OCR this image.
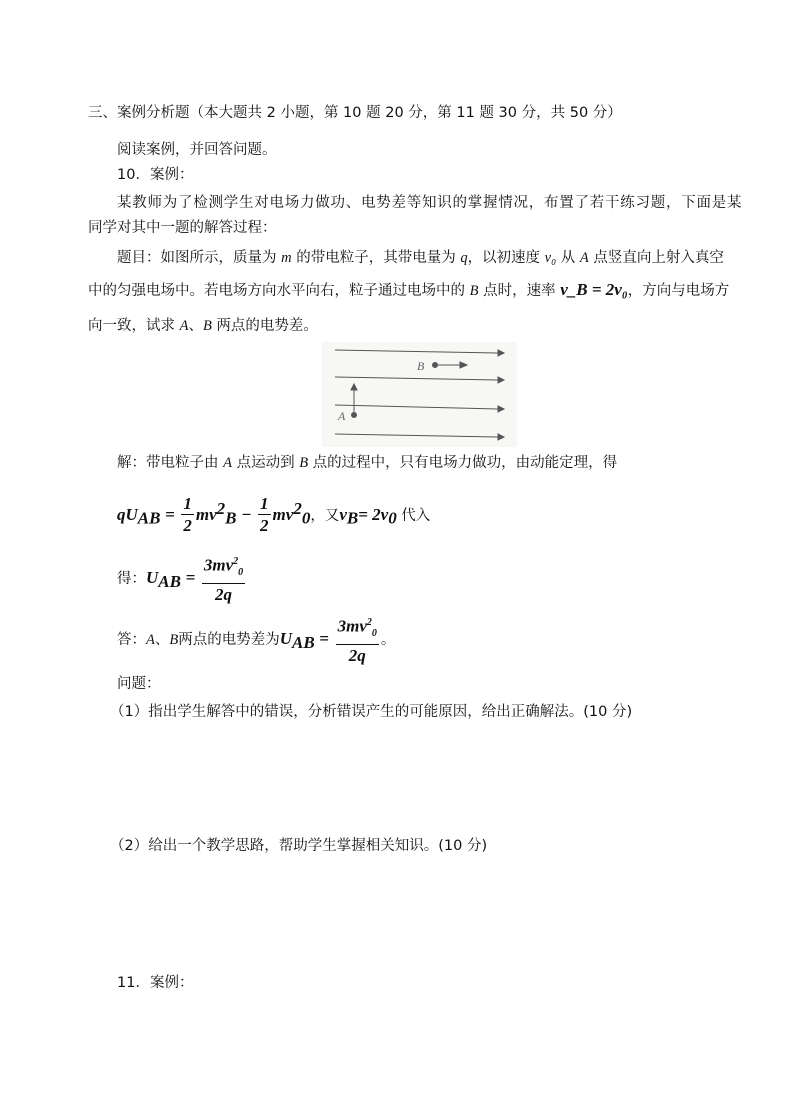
三、案例分析题（本大题共 2 小题，第 10 题 20 分，第 11 题 30 分，共 50 分）
阅读案例，并回答问题。
10．案例：
某教师为了检测学生对电场力做功、电势差等知识的掌握情况，布置了若干练习题，下面是某
同学对其中一题的解答过程：
题目：如图所示，质量为 m 的带电粒子，其带电量为 q，以初速度 v₀ 从 A 点竖直向上射入真空
中的匀强电场中。若电场方向水平向右，粒子通过电场中的 B 点时，速率 v_B = 2v₀，方向与电场方
向一致，试求 A、B 两点的电势差。
A
B
解：带电粒子由 A 点运动到 B 点的过程中，只有电场力做功，由动能定理，得
$qU_{AB} = \frac{1}{2} mv^2_B - \frac{1}{2} mv^2_0$，又$v_B= 2v_0$ 代入
得：$U_{AB} = \frac{3mv^2_0}{2q}$
答：A、B两点的电势差为$U_{AB} = \frac{3mv^2_0}{2q}$ 。
问题：
（1）指出学生解答中的错误，分析错误产生的可能原因，给出正确解法。(10 分)
（2）给出一个教学思路，帮助学生掌握相关知识。(10 分)
11．案例：
